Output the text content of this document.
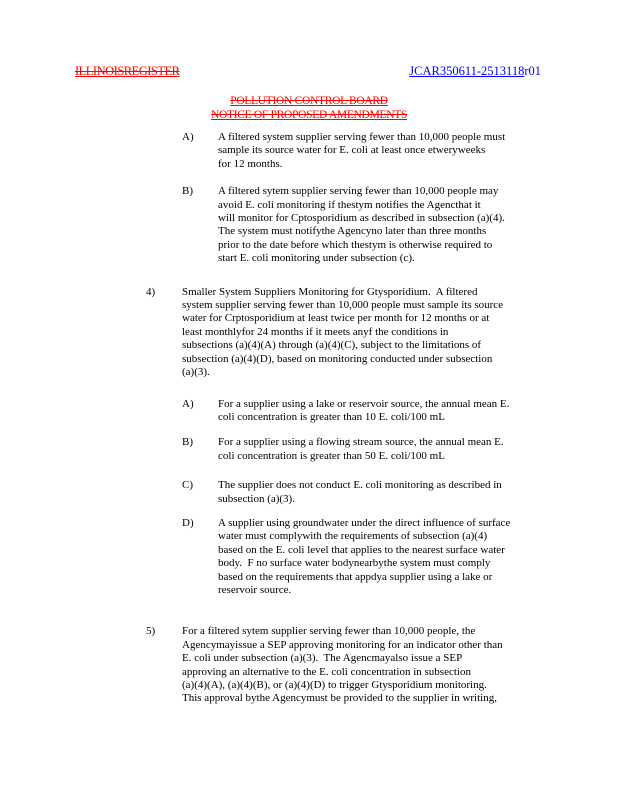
ILLINOISREGISTER	JCAR350611-2513118r01
POLLUTION CONTROL BOARD
NOTICE OF PROPOSED AMENDMENTS
A) A filtered system supplier serving fewer than 10,000 people must
sample its source water for E. coli at least once etweryweeks
for 12 months.
B) A filtered sytem supplier serving fewer than 10,000 people may
avoid E. coli monitoring if thestym notifies the Agencthat it
will monitor for Cptosporidium as described in subsection (a)(4).
The system must notifythe Agencyno later than three months
prior to the date before which thestym is otherwise required to
start E. coli monitoring under subsection (c).
4) Smaller System Suppliers Monitoring for Gtysporidium.  A filtered
system supplier serving fewer than 10,000 people must sample its source
water for Crptosporidium at least twice per month for 12 months or at
least monthlyfor 24 months if it meets anyf the conditions in
subsections (a)(4)(A) through (a)(4)(C), subject to the limitations of
subsection (a)(4)(D), based on monitoring conducted under subsection
(a)(3).
A) For a supplier using a lake or reservoir source, the annual mean E.
coli concentration is greater than 10 E. coli/100 mL
B) For a supplier using a flowing stream source, the annual mean E.
coli concentration is greater than 50 E. coli/100 mL
C) The supplier does not conduct E. coli monitoring as described in
subsection (a)(3).
D) A supplier using groundwater under the direct influence of surface
water must complywith the requirements of subsection (a)(4)
based on the E. coli level that applies to the nearest surface water
body.  F no surface water bodynearbythe system must comply
based on the requirements that appdya supplier using a lake or
reservoir source.
5) For a filtered sytem supplier serving fewer than 10,000 people, the
Agencymayissue a SEP approving monitoring for an indicator other than
E. coli under subsection (a)(3).  The Agencmayalso issue a SEP
approving an alternative to the E. coli concentration in subsection
(a)(4)(A), (a)(4)(B), or (a)(4)(D) to trigger Gtysporidium monitoring.
This approval bythe Agencymust be provided to the supplier in writing,
